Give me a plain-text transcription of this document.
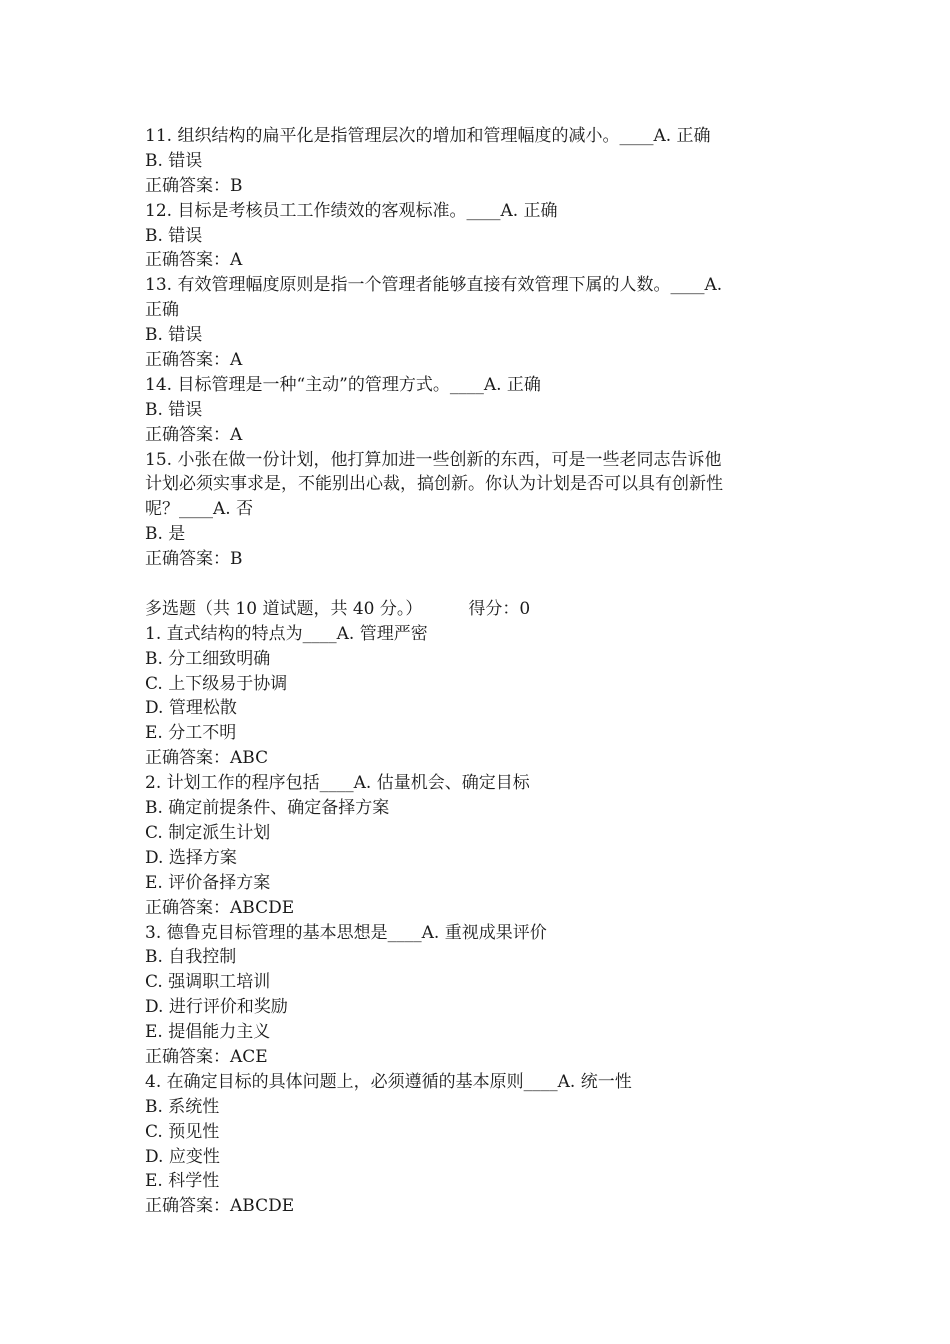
11. 组织结构的扁平化是指管理层次的增加和管理幅度的减小。____A. 正确
B. 错误
正确答案：B
12. 目标是考核员工工作绩效的客观标准。____A. 正确
B. 错误
正确答案：A
13. 有效管理幅度原则是指一个管理者能够直接有效管理下属的人数。____A.
正确
B. 错误
正确答案：A
14. 目标管理是一种“主动”的管理方式。____A. 正确
B. 错误
正确答案：A
15. 小张在做一份计划，他打算加进一些创新的东西，可是一些老同志告诉他
计划必须实事求是，不能别出心裁，搞创新。你认为计划是否可以具有创新性
呢？____A. 否
B. 是
正确答案：B
多选题（共 10 道试题，共 40 分。）	得分：0
1. 直式结构的特点为____A. 管理严密
B. 分工细致明确
C. 上下级易于协调
D. 管理松散
E. 分工不明
正确答案：ABC
2. 计划工作的程序包括____A. 估量机会、确定目标
B. 确定前提条件、确定备择方案
C. 制定派生计划
D. 选择方案
E. 评价备择方案
正确答案：ABCDE
3. 德鲁克目标管理的基本思想是____A. 重视成果评价
B. 自我控制
C. 强调职工培训
D. 进行评价和奖励
E. 提倡能力主义
正确答案：ACE
4. 在确定目标的具体问题上，必须遵循的基本原则____A. 统一性
B. 系统性
C. 预见性
D. 应变性
E. 科学性
正确答案：ABCDE
